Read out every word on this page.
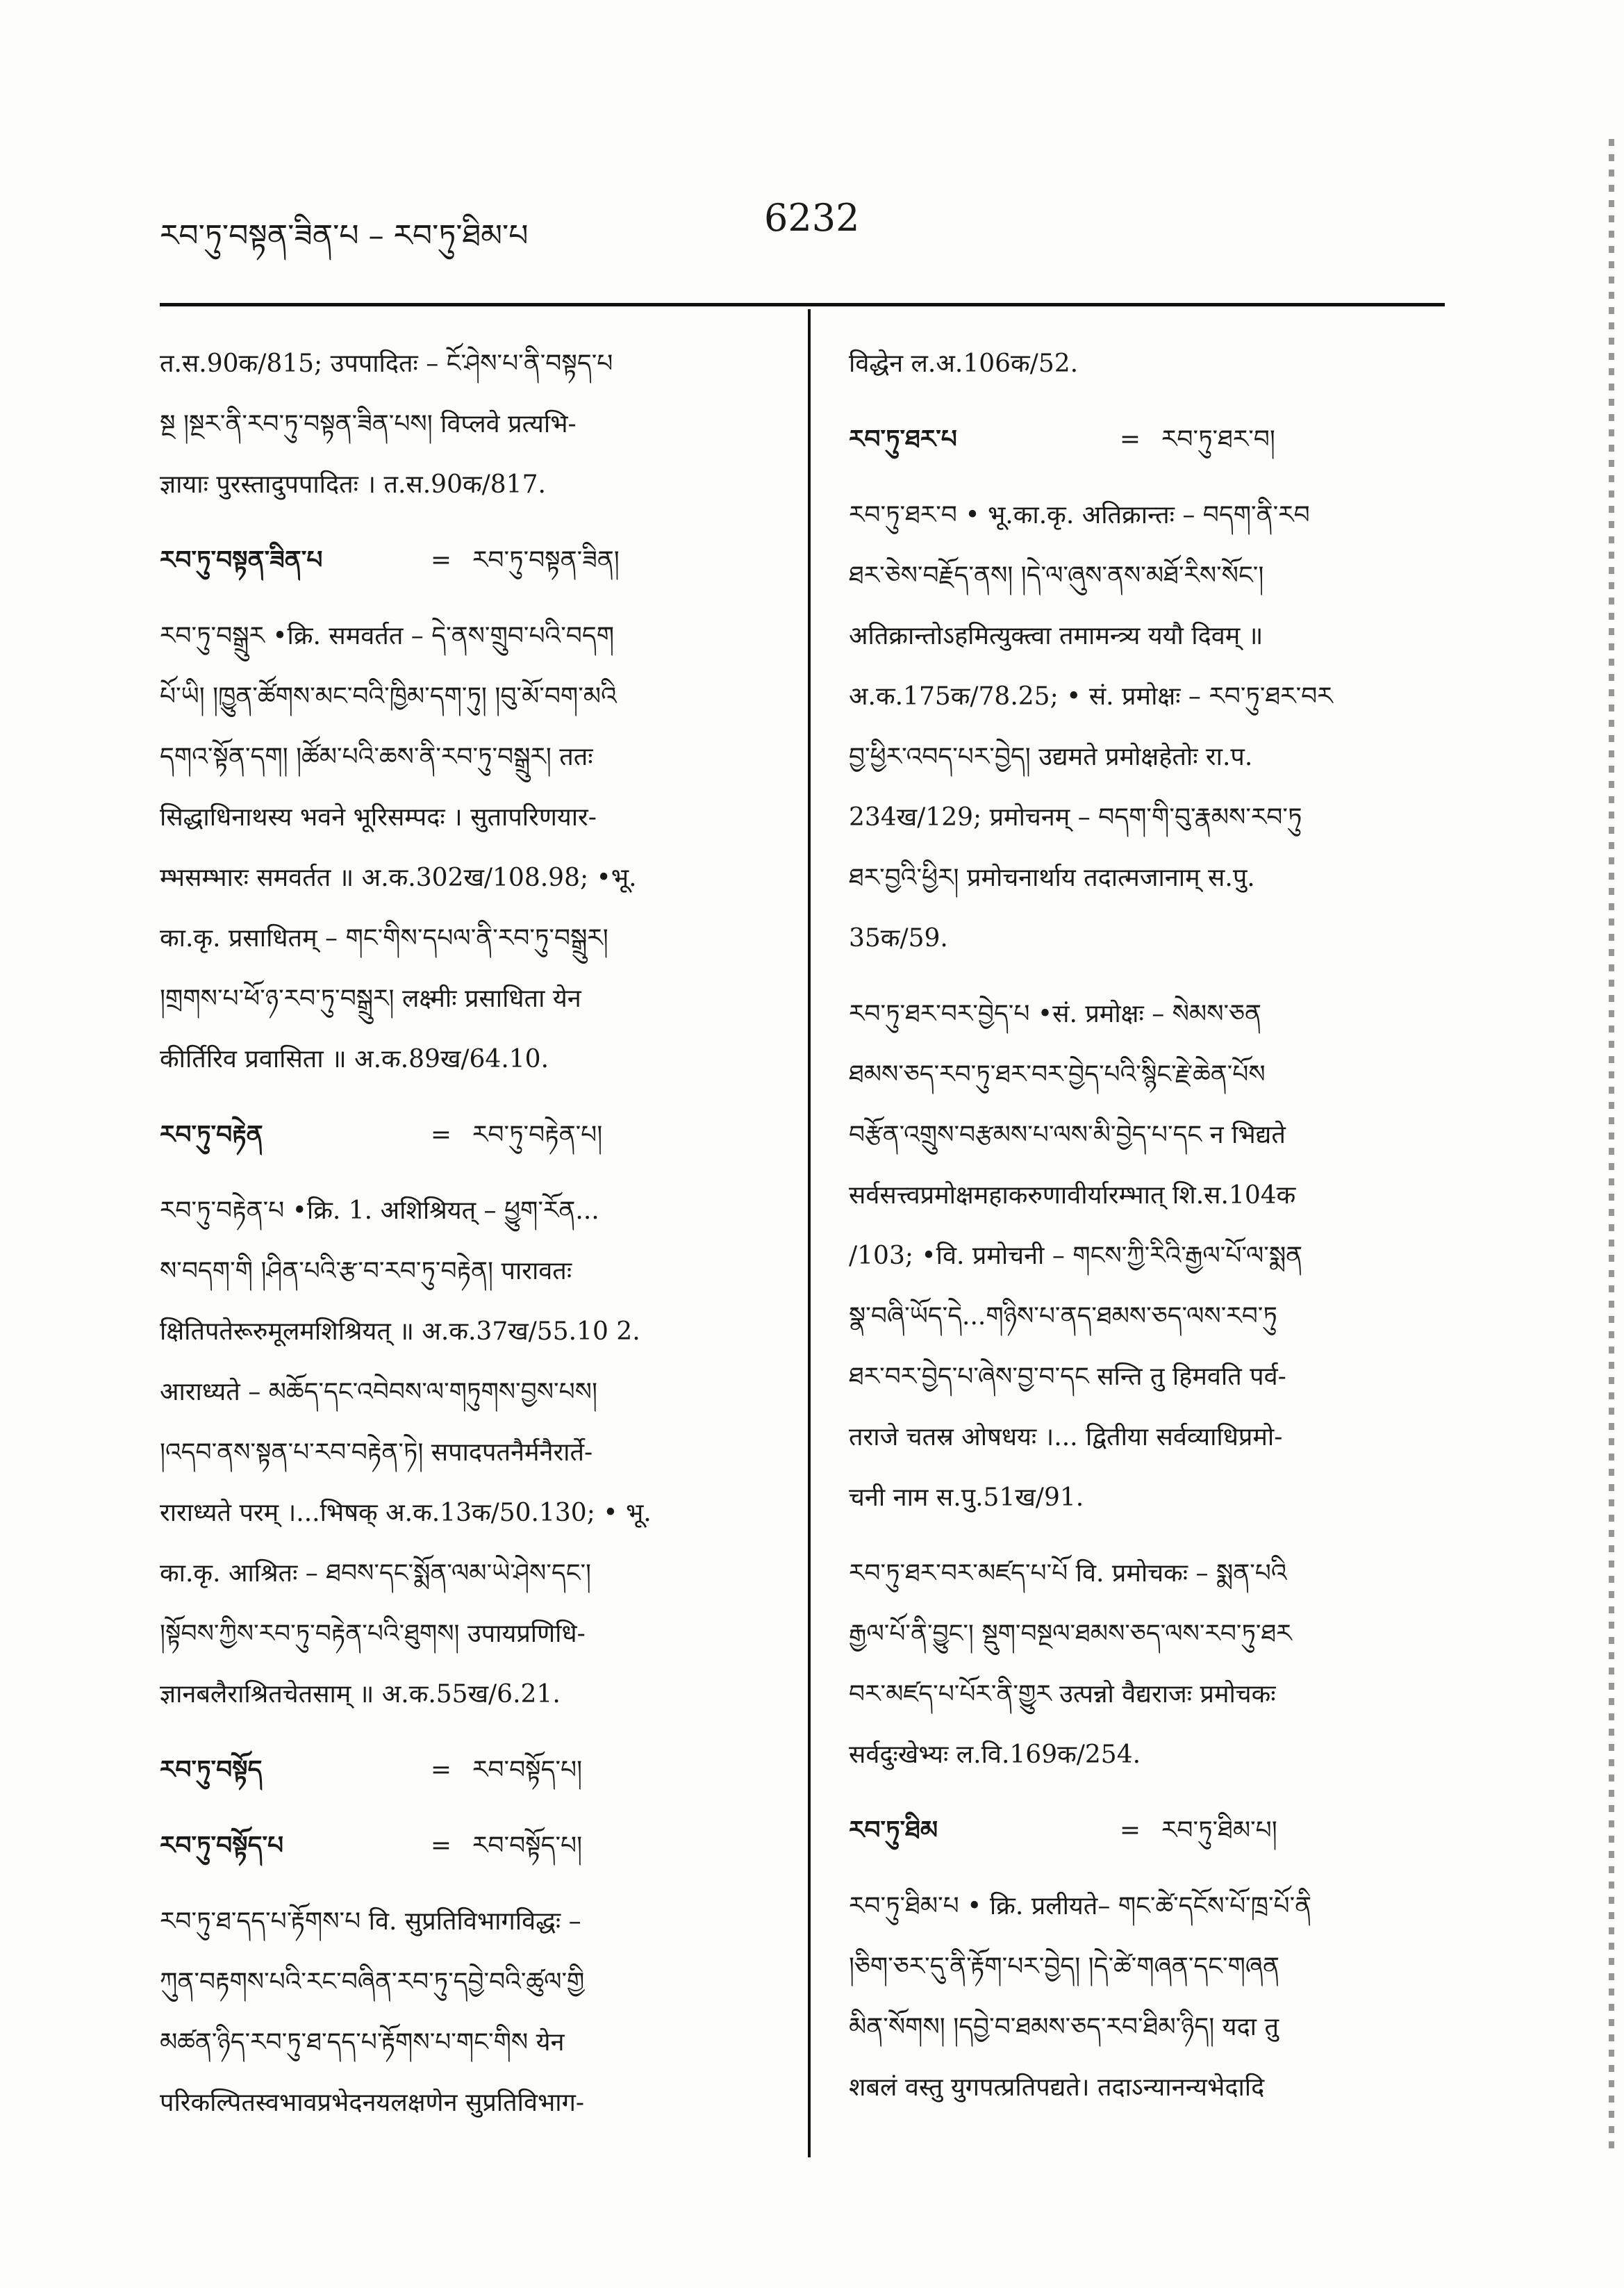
རབ་ཏུ་བསྟན་ཟིན་པ – རབ་ཏུ་ཐིམ་པ	6232
त.स.90क/815; उपपादितः – ངོ་ཤེས་པ་ནི་བསྟད་པ
སྔ །སྔར་ནི་རབ་ཏུ་བསྟན་ཟིན་པས། विप्लवे प्रत्यभि-
ज्ञायाः पुरस्तादुपपादितः । त.स.90क/817.
རབ་ཏུ་བསྟན་ཟིན་པ	= རབ་ཏུ་བསྟན་ཟིན།
རབ་ཏུ་བསྒྲུར •क्रि. समवर्तत – དེ་ནས་གྲུབ་པའི་བདག
པོ་ཡི། །ཁྱུན་ཚོགས་མང་བའི་ཁྱིམ་དག་ཏུ། །བུ་མོ་བག་མའི
དགའ་སྟོན་དག། །ཚོམ་པའི་ཆས་ནི་རབ་ཏུ་བསྒྲུར། ततः
सिद्धाधिनाथस्य भवने भूरिसम्पदः । सुतापरिणयार-
म्भसम्भारः समवर्तत ॥ अ.क.302ख/108.98; •भू.
का.कृ. प्रसाधितम् – གང་གིས་དཔལ་ནི་རབ་ཏུ་བསྒྲུར།
།གྲགས་པ་ཕོ་ཉ་རབ་ཏུ་བསྒྲུར། लक्ष्मीः प्रसाधिता येन
कीर्तिरिव प्रवासिता ॥ अ.क.89ख/64.10.
རབ་ཏུ་བརྟེན	= རབ་ཏུ་བརྟེན་པ།
རབ་ཏུ་བརྟེན་པ •क्रि. 1. अशिश्रियत् – ཕྱུག་རོན...
ས་བདག་གི །ཤིན་པའི་རྩ་བ་རབ་ཏུ་བརྟེན། पारावतः
क्षितिपतेरूरुमूलमशिश्रियत् ॥ अ.क.37ख/55.10 2.
आराध्यते – མཆོད་དང་འབེབས་ལ་གཏུགས་བྱས་པས།
།འདབ་ནས་སྟན་པ་རབ་བརྟེན་ཏེ། सपादपतनैर्मनैरार्ते-
राराध्यते परम् ।...भिषक् अ.क.13क/50.130; • भू.
का.कृ. आश्रितः – ཐབས་དང་སྨོན་ལམ་ཡེ་ཤེས་དང་།
།སྟོབས་ཀྱིས་རབ་ཏུ་བརྟེན་པའི་ཐུགས། उपायप्रणिधि-
ज्ञानबलैराश्रितचेतसाम् ॥ अ.क.55ख/6.21.
རབ་ཏུ་བསྟོད	= རབ་བསྟོད་པ།
རབ་ཏུ་བསྟོད་པ	= རབ་བསྟོད་པ།
རབ་ཏུ་ཐ་དད་པ་རྟོགས་པ वि. सुप्रतिविभागविद्धः –
ཀུན་བརྟགས་པའི་རང་བཞིན་རབ་ཏུ་དབྱེ་བའི་ཚུལ་གྱི
མཚན་ཉིད་རབ་ཏུ་ཐ་དད་པ་རྟོགས་པ་གང་གིས येन
परिकल्पितस्वभावप्रभेदनयलक्षणेन सुप्रतिविभाग-
विद्धेन ल.अ.106क/52.
རབ་ཏུ་ཐར་པ	= རབ་ཏུ་ཐར་བ།
རབ་ཏུ་ཐར་བ • भू.का.कृ. अतिक्रान्तः – བདག་ནི་རབ
ཐར་ཅེས་བརྗོད་ནས། །དེ་ལ་ཞུས་ནས་མཐོ་རིས་སོང་།
अतिक्रान्तोऽहमित्युक्त्वा तमामन्त्र्य ययौ दिवम् ॥
अ.क.175क/78.25; • सं. प्रमोक्षः – རབ་ཏུ་ཐར་བར
བྱ་ཕྱིར་འབད་པར་བྱེད། उद्यमते प्रमोक्षहेतोः रा.प.
234ख/129; प्रमोचनम् – བདག་གི་བུ་རྣམས་རབ་ཏུ
ཐར་བྱའི་ཕྱིར། प्रमोचनार्थाय तदात्मजानाम् स.पु.
35क/59.
རབ་ཏུ་ཐར་བར་བྱེད་པ •सं. प्रमोक्षः – སེམས་ཅན
ཐམས་ཅད་རབ་ཏུ་ཐར་བར་བྱེད་པའི་སྙིང་རྗེ་ཆེན་པོས
བརྩོན་འགྲུས་བརྩམས་པ་ལས་མི་བྱེད་པ་དང न भिद्यते
सर्वसत्त्वप्रमोक्षमहाकरुणावीर्यारम्भात् शि.स.104क
/103; •वि. प्रमोचनी – གངས་ཀྱི་རིའི་རྒྱལ་པོ་ལ་སྨན
སྣ་བཞི་ཡོད་དེ...གཉིས་པ་ནད་ཐམས་ཅད་ལས་རབ་ཏུ
ཐར་བར་བྱེད་པ་ཞེས་བྱ་བ་དང सन्ति तु हिमवति पर्व-
तराजे चतस्र ओषधयः ।... द्वितीया सर्वव्याधिप्रमो-
चनी नाम स.पु.51ख/91.
རབ་ཏུ་ཐར་བར་མཛད་པ་པོ वि. प्रमोचकः – སྨན་པའི
རྒྱལ་པོ་ནི་བྱུང་། སྡུག་བསྔལ་ཐམས་ཅད་ལས་རབ་ཏུ་ཐར
བར་མཛད་པ་པོར་ནི་གྱུར उत्पन्नो वैद्यराजः प्रमोचकः
सर्वदुःखेभ्यः ल.वि.169क/254.
རབ་ཏུ་ཐིམ	= རབ་ཏུ་ཐིམ་པ།
རབ་ཏུ་ཐིམ་པ • क्रि. प्रलीयते– གང་ཚེ་དངོས་པོ་ཁྲ་པོ་ནི
།ཅིག་ཅར་དུ་ནི་རྟོག་པར་བྱེད། །དེ་ཚེ་གཞན་དང་གཞན
མིན་སོགས། །དབྱེ་བ་ཐམས་ཅད་རབ་ཐིམ་ཉིད། यदा तु
शबलं वस्तु युगपत्प्रतिपद्यते। तदाऽन्यानन्यभेदादि
